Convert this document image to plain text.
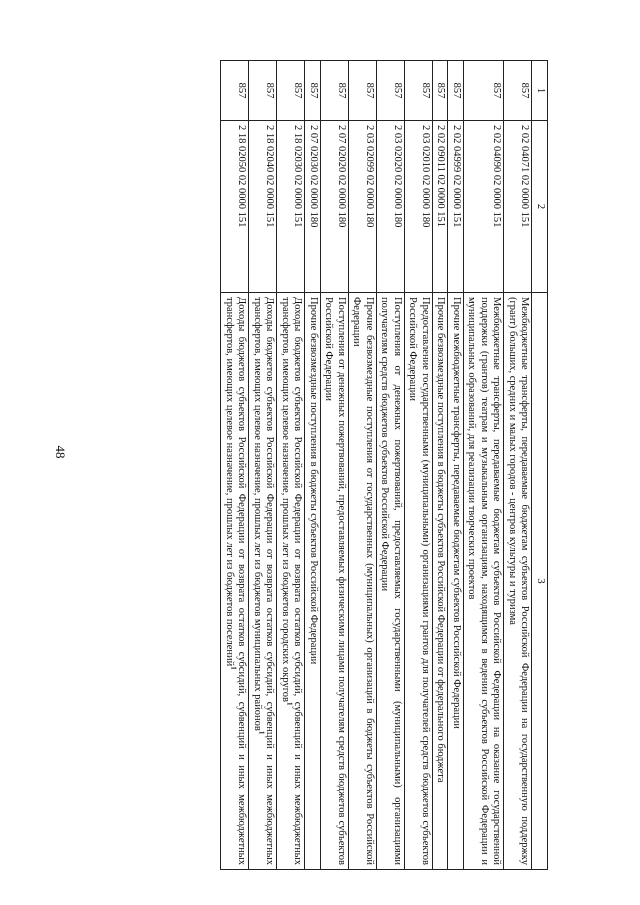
48
1	2	3
857	2 02 04071 02 0000 151	Межбюджетные трансферты, передаваемые бюджетам субъектов Российской Федерации на государственную поддержку (грант) больших, средних и малых городов - центров культуры и туризма
857	2 02 04090 02 0000 151	Межбюджетные трансферты, передаваемые бюджетам субъектов Российской Федерации на оказание государственной поддержки (грантов) театрам и музыкальным организациям, находящимся в ведении субъектов Российской Федерации и муниципальных образований, для реализации творческих проектов
857	2 02 04999 02 0000 151	Прочие межбюджетные трансферты, передаваемые бюджетам субъектов Российской Федерации
857	2 02 09011 02 0000 151	Прочие безвозмездные поступления в бюджеты субъектов Российской Федерации от федерального бюджета
857	2 03 02010 02 0000 180	Предоставление государственными (муниципальными) организациями грантов для получателей средств бюджетов субъектов Российской Федерации
857	2 03 02020 02 0000 180	Поступления от денежных пожертвований, предоставляемых государственными (муниципальными) организациями получателям средств бюджетов субъектов Российской Федерации
857	2 03 02099 02 0000 180	Прочие безвозмездные поступления от государственных (муниципальных) организаций в бюджеты субъектов Российской Федерации
857	2 07 02020 02 0000 180	Поступления от денежных пожертвований, предоставляемых физическими лицами получателям средств бюджетов субъектов Российской Федерации
857	2 07 02030 02 0000 180	Прочие безвозмездные поступления в бюджеты субъектов Российской Федерации
857	2 18 02030 02 0000 151	Доходы бюджетов субъектов Российской Федерации от возврата остатков субсидий, субвенций и иных межбюджетных трансфертов, имеющих целевое назначение, прошлых лет из бюджетов городских округов$^1$
857	2 18 02040 02 0000 151	Доходы бюджетов субъектов Российской Федерации от возврата остатков субсидий, субвенций и иных межбюджетных трансфертов, имеющих целевое назначение, прошлых лет из бюджетов муниципальных районов$^1$
857	2 18 02050 02 0000 151	Доходы бюджетов субъектов Российской Федерации от возврата остатков субсидий, субвенций и иных межбюджетных трансфертов, имеющих целевое назначение, прошлых лет из бюджетов поселений$^1$
